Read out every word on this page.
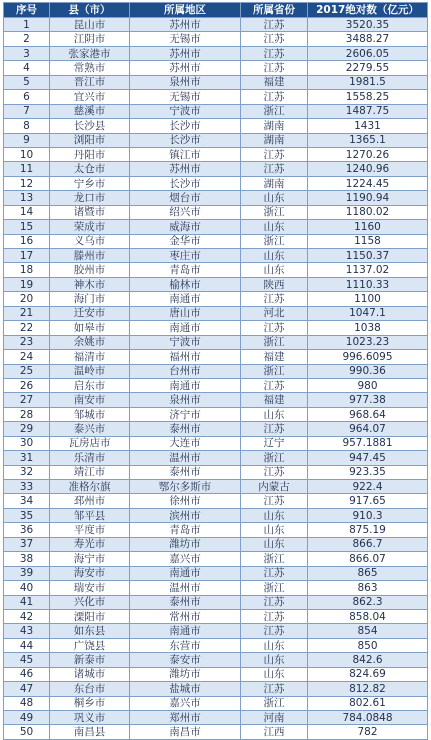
序号	县（市）	所属地区	所属省份	2017绝对数（亿元）
1	昆山市	苏州市	江苏	3520.35
2	江阴市	无锡市	江苏	3488.27
3	张家港市	苏州市	江苏	2606.05
4	常熟市	苏州市	江苏	2279.55
5	晋江市	泉州市	福建	1981.5
6	宜兴市	无锡市	江苏	1558.25
7	慈溪市	宁波市	浙江	1487.75
8	长沙县	长沙市	湖南	1431
9	浏阳市	长沙市	湖南	1365.1
10	丹阳市	镇江市	江苏	1270.26
11	太仓市	苏州市	江苏	1240.96
12	宁乡市	长沙市	湖南	1224.45
13	龙口市	烟台市	山东	1190.94
14	诸暨市	绍兴市	浙江	1180.02
15	荣成市	威海市	山东	1160
16	义乌市	金华市	浙江	1158
17	滕州市	枣庄市	山东	1150.37
18	胶州市	青岛市	山东	1137.02
19	神木市	榆林市	陕西	1110.33
20	海门市	南通市	江苏	1100
21	迁安市	唐山市	河北	1047.1
22	如皋市	南通市	江苏	1038
23	余姚市	宁波市	浙江	1023.23
24	福清市	福州市	福建	996.6095
25	温岭市	台州市	浙江	990.36
26	启东市	南通市	江苏	980
27	南安市	泉州市	福建	977.38
28	邹城市	济宁市	山东	968.64
29	泰兴市	泰州市	江苏	964.07
30	瓦房店市	大连市	辽宁	957.1881
31	乐清市	温州市	浙江	947.45
32	靖江市	泰州市	江苏	923.35
33	准格尔旗	鄂尔多斯市	内蒙古	922.4
34	邳州市	徐州市	江苏	917.65
35	邹平县	滨州市	山东	910.3
36	平度市	青岛市	山东	875.19
37	寿光市	潍坊市	山东	866.7
38	海宁市	嘉兴市	浙江	866.07
39	海安市	南通市	江苏	865
40	瑞安市	温州市	浙江	863
41	兴化市	泰州市	江苏	862.3
42	溧阳市	常州市	江苏	858.04
43	如东县	南通市	江苏	854
44	广饶县	东营市	山东	850
45	新泰市	泰安市	山东	842.6
46	诸城市	潍坊市	山东	824.69
47	东台市	盐城市	江苏	812.82
48	桐乡市	嘉兴市	浙江	802.61
49	巩义市	郑州市	河南	784.0848
50	南昌县	南昌市	江西	782
